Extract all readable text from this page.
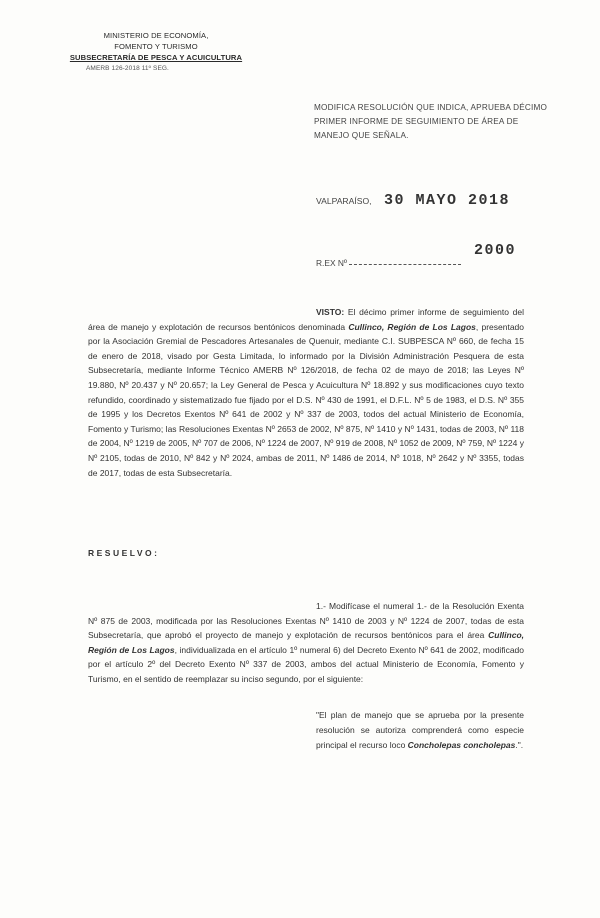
MINISTERIO DE ECONOMÍA,
FOMENTO Y TURISMO
SUBSECRETARÍA DE PESCA Y ACUICULTURA
AMERB 126-2018 11º SEG.
MODIFICA RESOLUCIÓN QUE INDICA, APRUEBA DÉCIMO PRIMER INFORME DE SEGUIMIENTO DE ÁREA DE MANEJO QUE SEÑALA.
VALPARAÍSO, 30 MAYO 2018
2000
R.EX Nº
VISTO: El décimo primer informe de seguimiento del área de manejo y explotación de recursos bentónicos denominada Cullinco, Región de Los Lagos, presentado por la Asociación Gremial de Pescadores Artesanales de Quenuir, mediante C.I. SUBPESCA Nº 660, de fecha 15 de enero de 2018, visado por Gesta Limitada, lo informado por la División Administración Pesquera de esta Subsecretaría, mediante Informe Técnico AMERB Nº 126/2018, de fecha 02 de mayo de 2018; las Leyes Nº 19.880, Nº 20.437 y Nº 20.657; la Ley General de Pesca y Acuicultura Nº 18.892 y sus modificaciones cuyo texto refundido, coordinado y sistematizado fue fijado por el D.S. Nº 430 de 1991, el D.F.L. Nº 5 de 1983, el D.S. Nº 355 de 1995 y los Decretos Exentos Nº 641 de 2002 y Nº 337 de 2003, todos del actual Ministerio de Economía, Fomento y Turismo; las Resoluciones Exentas Nº 2653 de 2002, Nº 875, Nº 1410 y Nº 1431, todas de 2003, Nº 118 de 2004, Nº 1219 de 2005, Nº 707 de 2006, Nº 1224 de 2007, Nº 919 de 2008, Nº 1052 de 2009, Nº 759, Nº 1224 y Nº 2105, todas de 2010, Nº 842 y Nº 2024, ambas de 2011, Nº 1486 de 2014, Nº 1018, Nº 2642 y Nº 3355, todas de 2017, todas de esta Subsecretaría.
RESUELVO:
1.- Modifícase el numeral 1.- de la Resolución Exenta Nº 875 de 2003, modificada por las Resoluciones Exentas Nº 1410 de 2003 y Nº 1224 de 2007, todas de esta Subsecretaría, que aprobó el proyecto de manejo y explotación de recursos bentónicos para el área Cullinco, Región de Los Lagos, individualizada en el artículo 1º numeral 6) del Decreto Exento Nº 641 de 2002, modificado por el artículo 2º del Decreto Exento Nº 337 de 2003, ambos del actual Ministerio de Economía, Fomento y Turismo, en el sentido de reemplazar su inciso segundo, por el siguiente:
"El plan de manejo que se aprueba por la presente resolución se autoriza comprenderá como especie principal el recurso loco Concholepas concholepas.".
